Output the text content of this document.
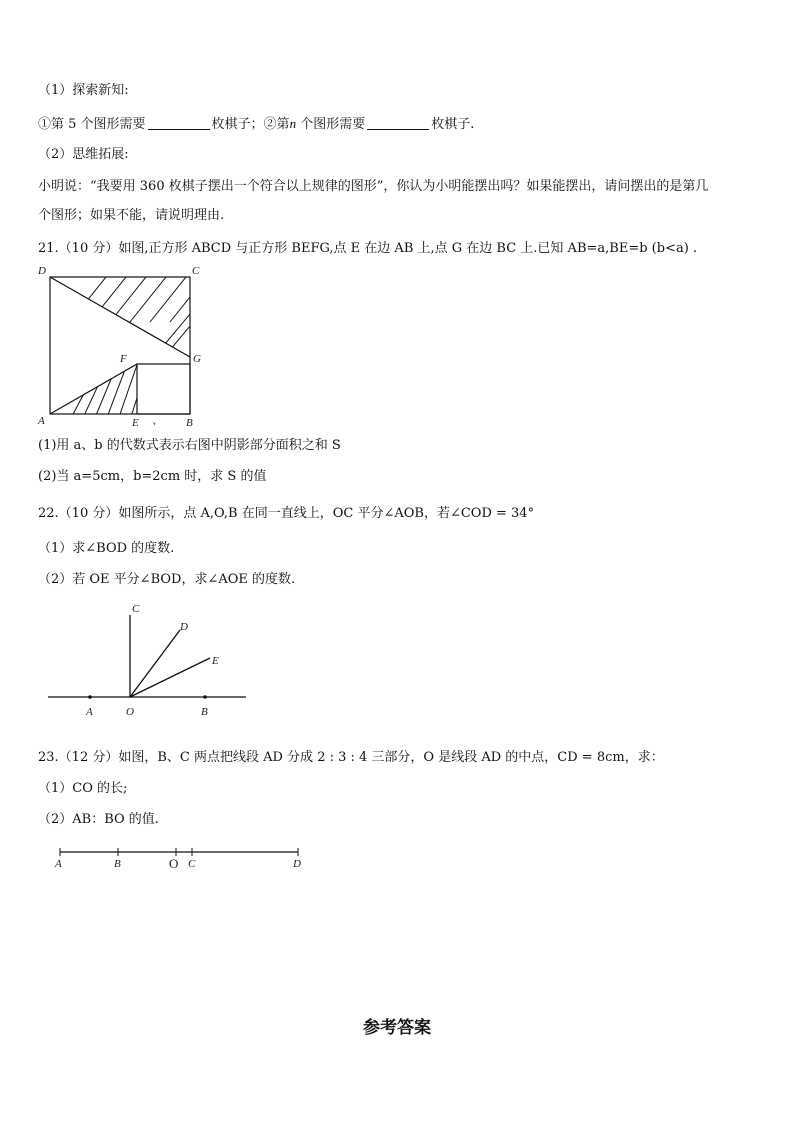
（1）探索新知:
①第 5 个图形需要	枚棋子；②第n 个图形需要	枚棋子.
（2）思维拓展:
小明说：“我要用 360 枚棋子摆出一个符合以上规律的图形”，你认为小明能摆出吗？如果能摆出，请问摆出的是第几
个图形；如果不能，请说明理由.
21.（10 分）如图,正方形 ABCD 与正方形 BEFG,点 E 在边 AB 上,点 G 在边 BC 上.已知 AB=a,BE=b (b<a) .
D	C
F	G
A	E 、 B
(1)用 a、b 的代数式表示右图中阴影部分面积之和 S
(2)当 a=5cm，b=2cm 时，求 S 的值
22.（10 分）如图所示，点 A,O,B 在同一直线上，OC 平分∠AOB，若∠COD = 34°
（1）求∠BOD 的度数.
（2）若 OE 平分∠BOD，求∠AOE 的度数.
C
D
E
A	O	B
23.（12 分）如图，B、C 两点把线段 AD 分成 2 : 3 : 4 三部分，O 是线段 AD 的中点，CD = 8cm，求：
（1）CO 的长;
（2）AB：BO 的值.
A	B	O C	D
参考答案
